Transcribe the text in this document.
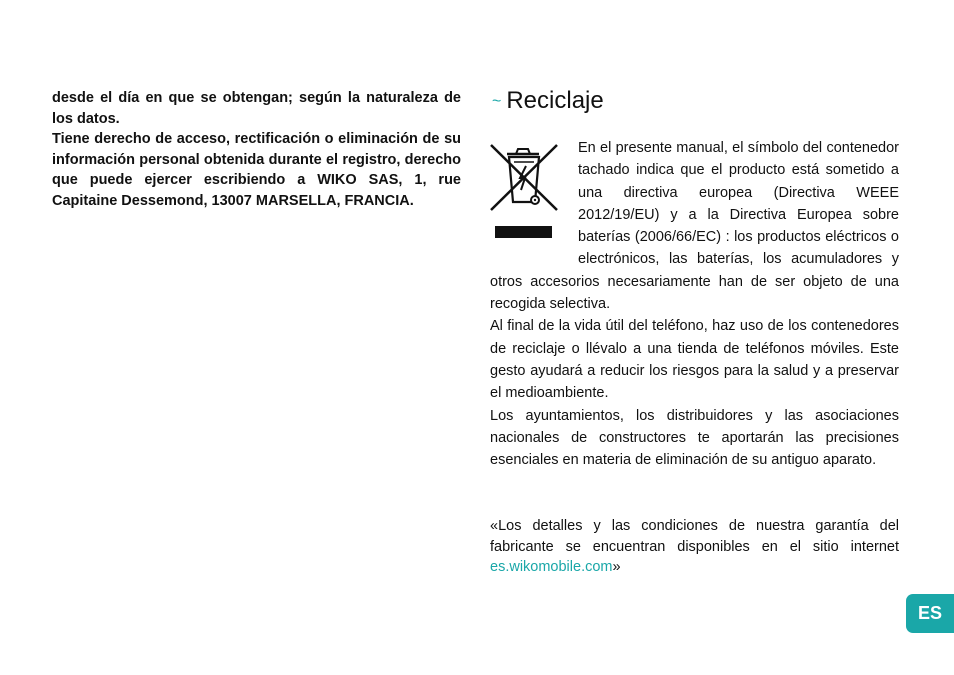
desde el día en que se obtengan; según la naturaleza de los datos.

Tiene derecho de acceso, rectificación o eliminación de su información personal obtenida durante el registro, derecho que puede ejercer escribiendo a WIKO SAS, 1, rue Capitaine Dessemond, 13007 MARSELLA, FRANCIA.

~ Reciclaje

En el presente manual, el símbolo del contenedor tachado indica que el producto está sometido a una directiva europea (Directiva WEEE 2012/19/EU) y a la Directiva Europea sobre baterías (2006/66/EC) : los productos eléctricos o electrónicos, las baterías, los acumuladores y otros accesorios necesariamente han de ser objeto de una recogida selectiva.

Al final de la vida útil del teléfono, haz uso de los contenedores de reciclaje o llévalo a una tienda de teléfonos móviles. Este gesto ayudará a reducir los riesgos para la salud y a preservar el medioambiente.

Los ayuntamientos, los distribuidores y las asociaciones nacionales de constructores te aportarán las precisiones esenciales en materia de eliminación de su antiguo aparato.

«Los detalles y las condiciones de nuestra garantía del fabricante se encuentran disponibles en el sitio internet es.wikomobile.com»
ES
